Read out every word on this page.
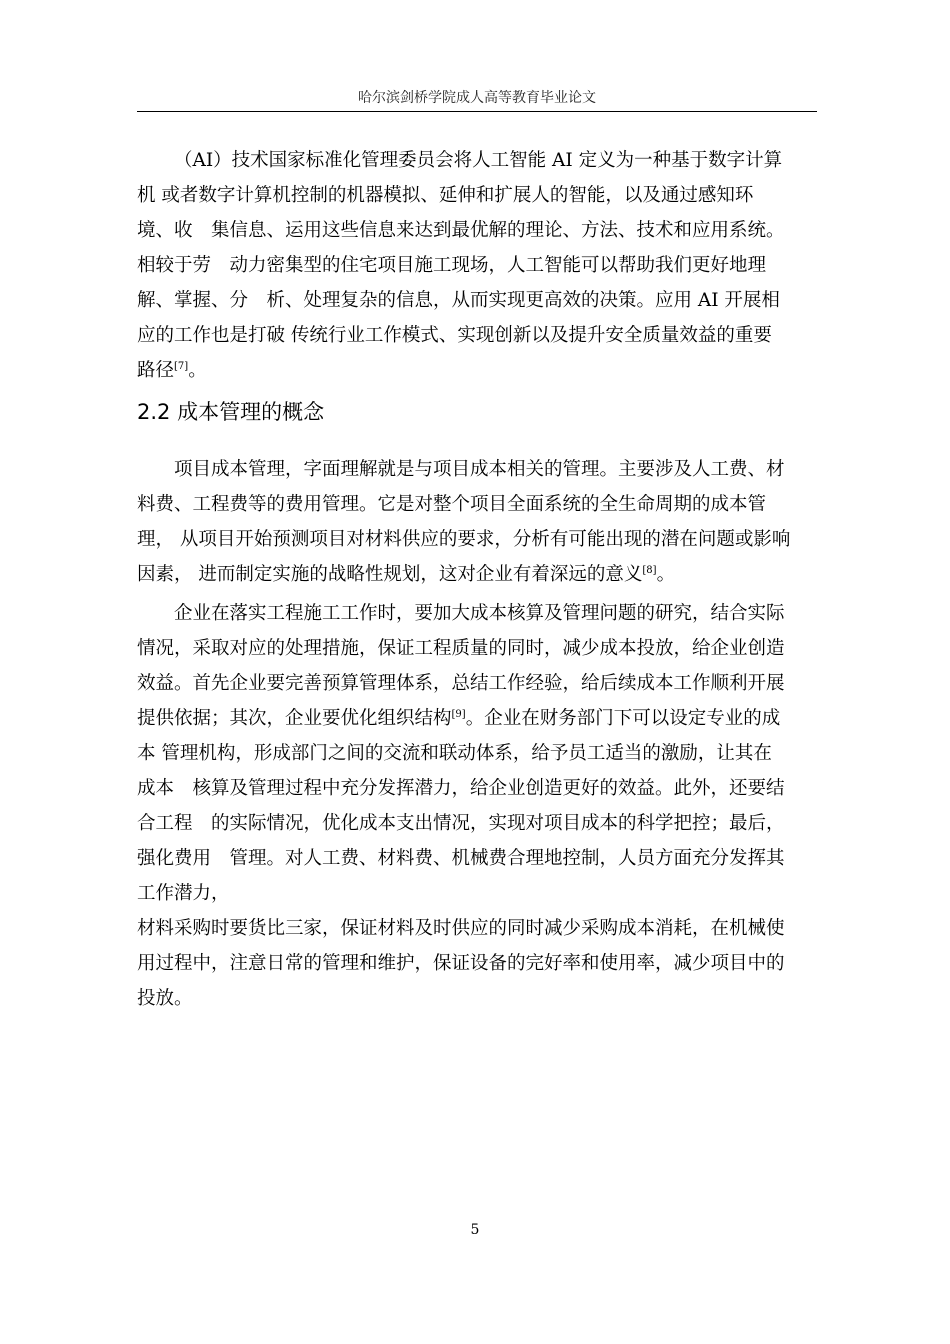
哈尔滨剑桥学院成人高等教育毕业论文

（AI）技术国家标准化管理委员会将人工智能 AI 定义为一种基于数字计算
机 或者数字计算机控制的机器模拟、延伸和扩展人的智能，以及通过感知环
境、收　集信息、运用这些信息来达到最优解的理论、方法、技术和应用系统。
相较于劳　动力密集型的住宅项目施工现场，人工智能可以帮助我们更好地理
解、掌握、分　析、处理复杂的信息，从而实现更高效的决策。应用 AI 开展相
应的工作也是打破 传统行业工作模式、实现创新以及提升安全质量效益的重要
路径[7]。

2.2 成本管理的概念

项目成本管理，字面理解就是与项目成本相关的管理。主要涉及人工费、材
料费、工程费等的费用管理。它是对整个项目全面系统的全生命周期的成本管
理， 从项目开始预测项目对材料供应的要求，分析有可能出现的潜在问题或影响
因素， 进而制定实施的战略性规划，这对企业有着深远的意义[8]。

企业在落实工程施工工作时，要加大成本核算及管理问题的研究，结合实际
情况，采取对应的处理措施，保证工程质量的同时，减少成本投放，给企业创造
效益。首先企业要完善预算管理体系，总结工作经验，给后续成本工作顺利开展
提供依据；其次，企业要优化组织结构[9]。企业在财务部门下可以设定专业的成
本 管理机构，形成部门之间的交流和联动体系，给予员工适当的激励，让其在
成本　核算及管理过程中充分发挥潜力，给企业创造更好的效益。此外，还要结
合工程　的实际情况，优化成本支出情况，实现对项目成本的科学把控；最后，
强化费用　管理。对人工费、材料费、机械费合理地控制，人员方面充分发挥其
工作潜力，
材料采购时要货比三家，保证材料及时供应的同时减少采购成本消耗，在机械使
用过程中，注意日常的管理和维护，保证设备的完好率和使用率，减少项目中的
投放。

5
